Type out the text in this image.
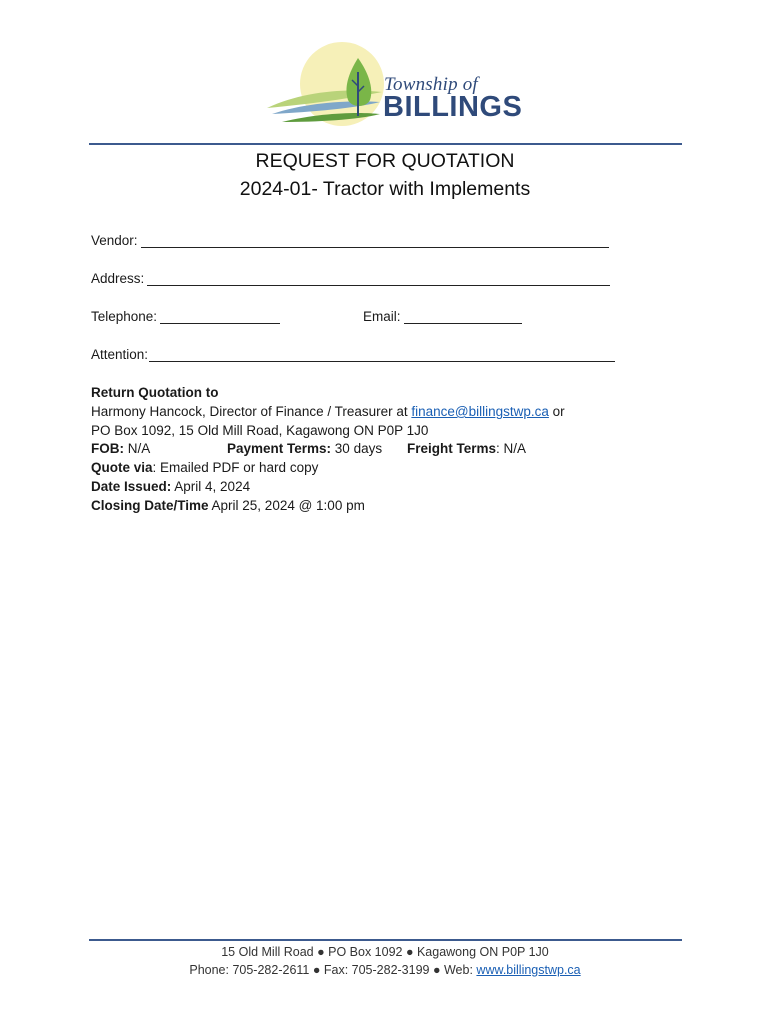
Township of
BILLINGS
REQUEST FOR QUOTATION
2024-01- Tractor with Implements
Vendor:
Address:
Telephone:	Email:
Attention:
Return Quotation to
Harmony Hancock, Director of Finance / Treasurer at finance@billingstwp.ca or
PO Box 1092, 15 Old Mill Road, Kagawong ON P0P 1J0
FOB: N/A	Payment Terms: 30 days Freight Terms: N/A
Quote via: Emailed PDF or hard copy
Date Issued: April 4, 2024
Closing Date/Time April 25, 2024 @ 1:00 pm
15 Old Mill Road ● PO Box 1092 ● Kagawong ON P0P 1J0
Phone: 705-282-2611 ● Fax: 705-282-3199 ● Web: www.billingstwp.ca
